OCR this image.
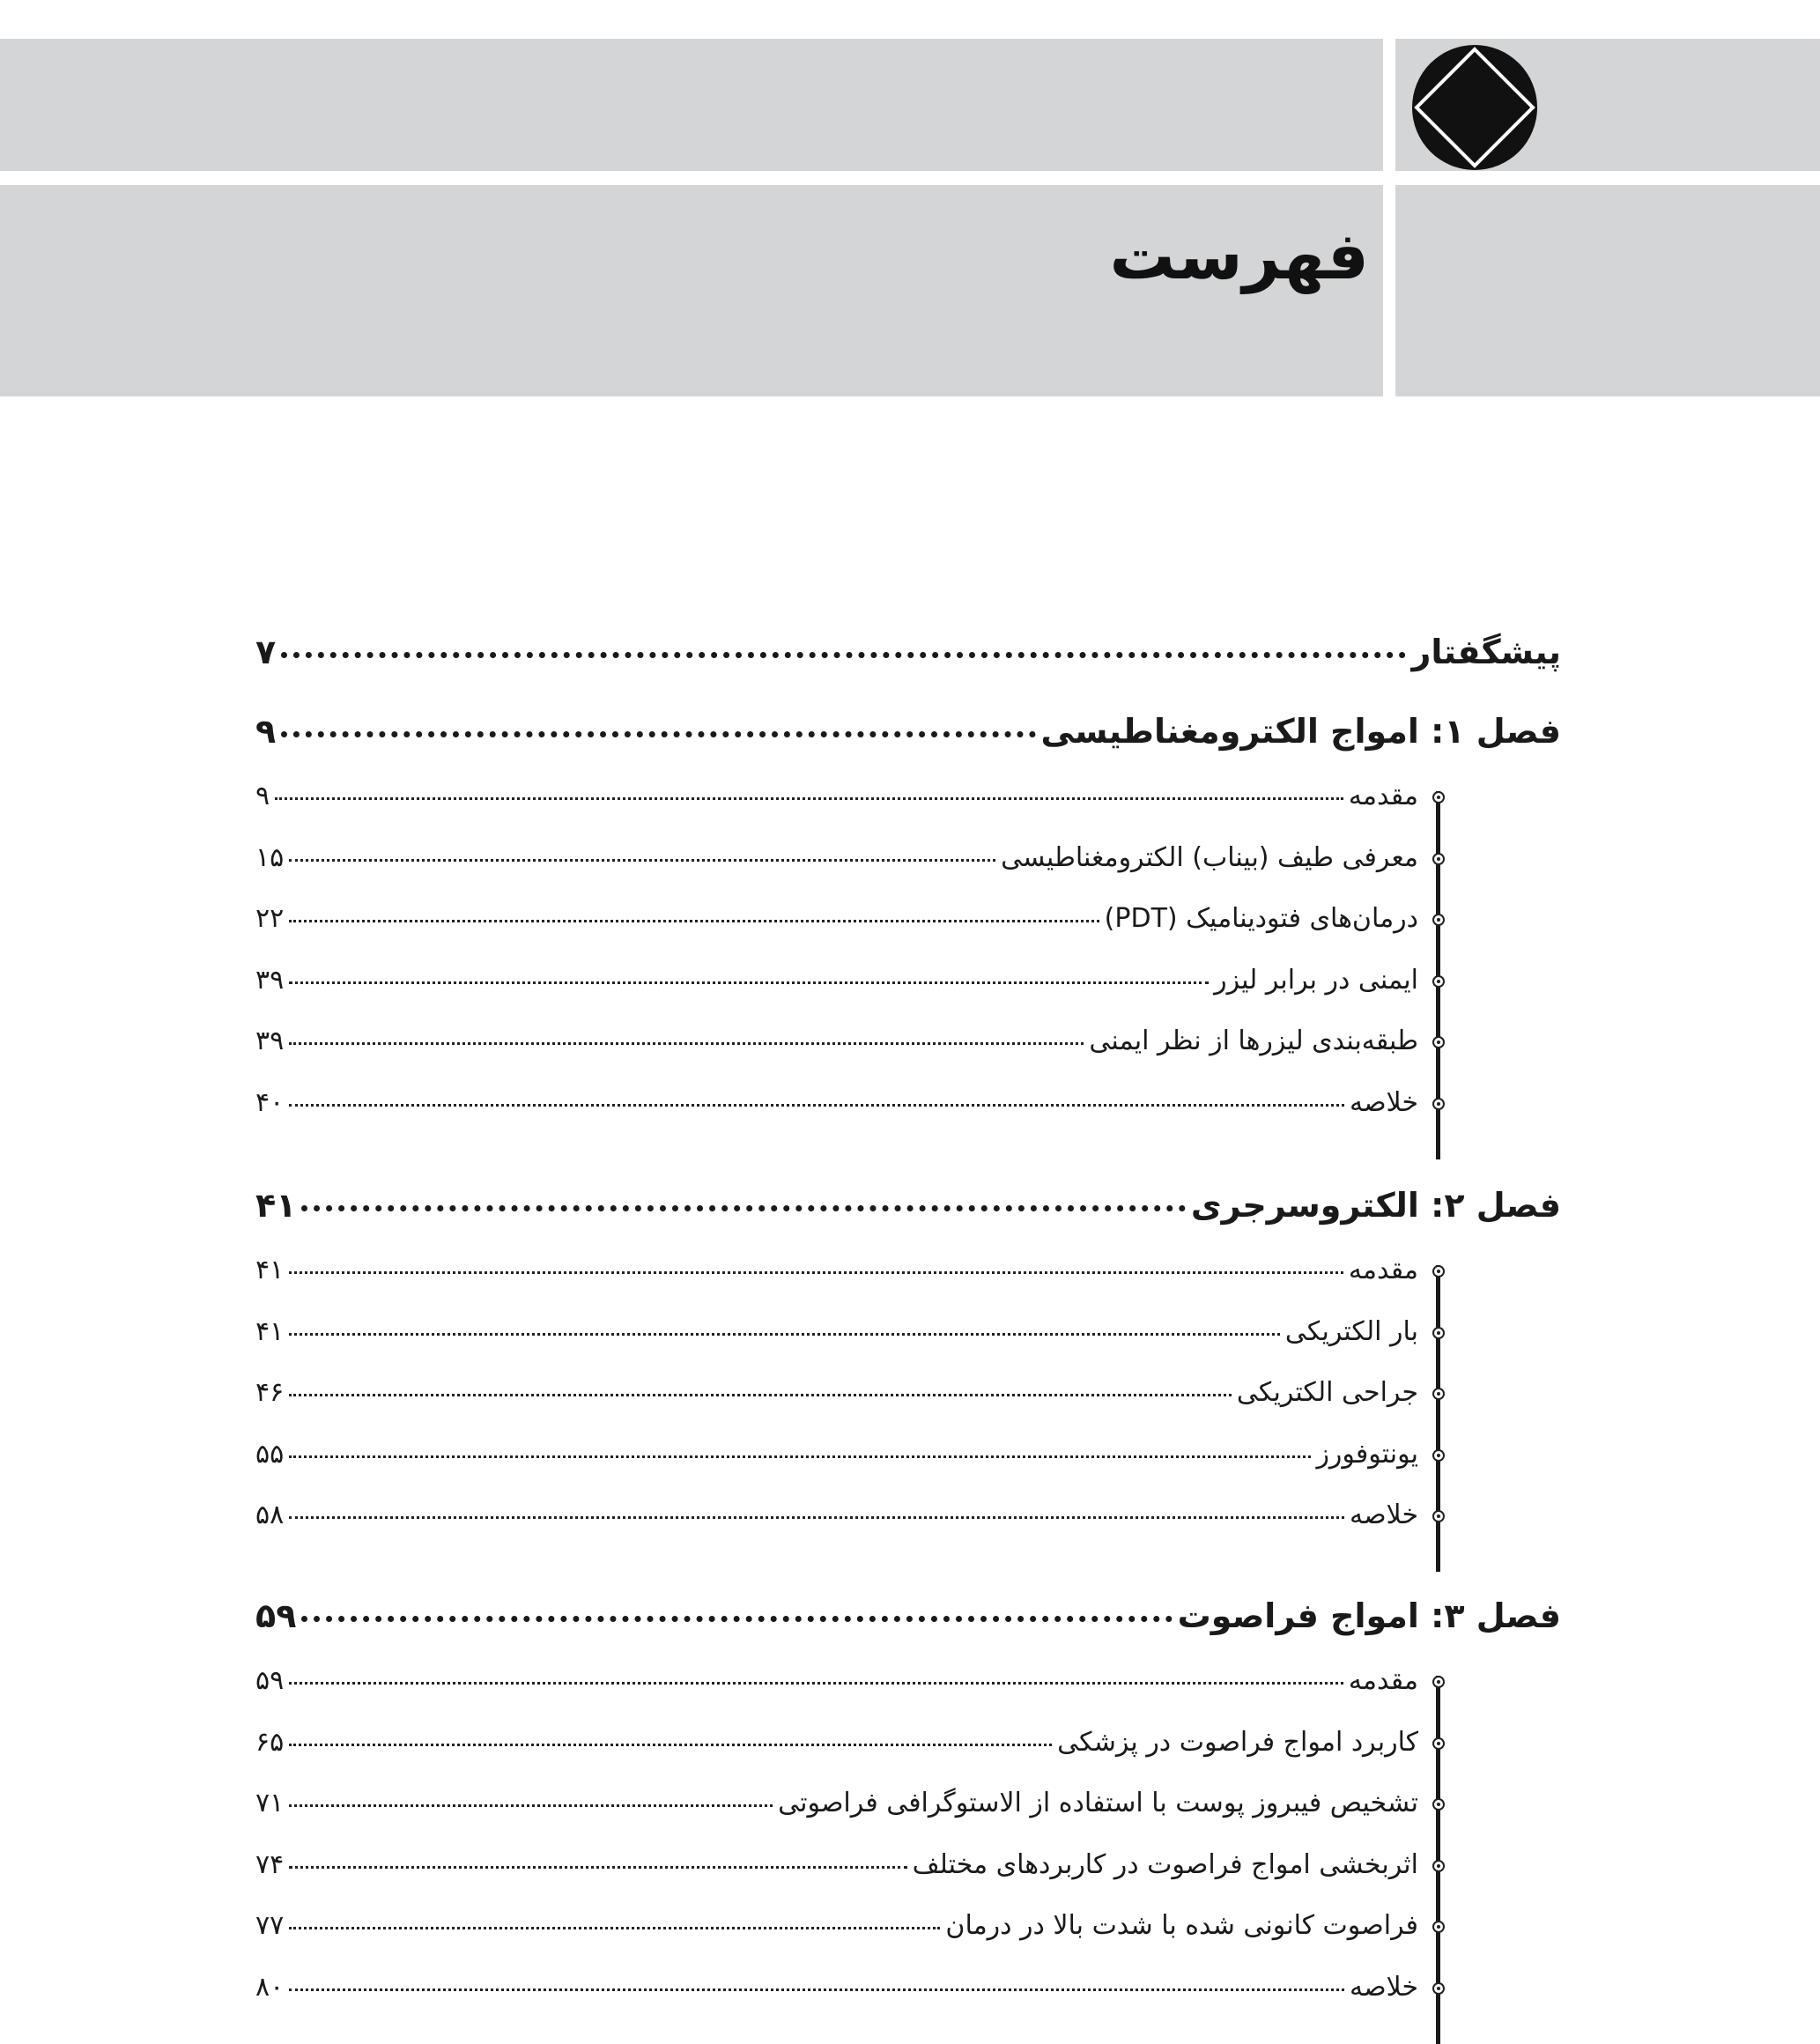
فهرست
پیشگفتار
۷
فصل ۱: امواج الکترومغناطیسی
۹
مقدمه
۹
معرفی طیف (بیناب) الکترومغناطیسی
۱۵
درمان‌های فتودینامیک (PDT)
۲۲
ایمنی در برابر لیزر
۳۹
طبقه‌بندی لیزرها از نظر ایمنی
۳۹
خلاصه
۴۰
فصل ۲: الکتروسرجری
۴۱
مقدمه
۴۱
بار الکتریکی
۴۱
جراحی الکتریکی
۴۶
یونتوفورز
۵۵
خلاصه
۵۸
فصل ۳: امواج فراصوت
۵۹
مقدمه
۵۹
کاربرد امواج فراصوت در پزشکی
۶۵
تشخیص فیبروز پوست با استفاده از الاستوگرافی فراصوتی
۷۱
اثربخشی امواج فراصوت در کاربردهای مختلف
۷۴
فراصوت کانونی شده با شدت بالا در درمان
۷۷
خلاصه
۸۰
